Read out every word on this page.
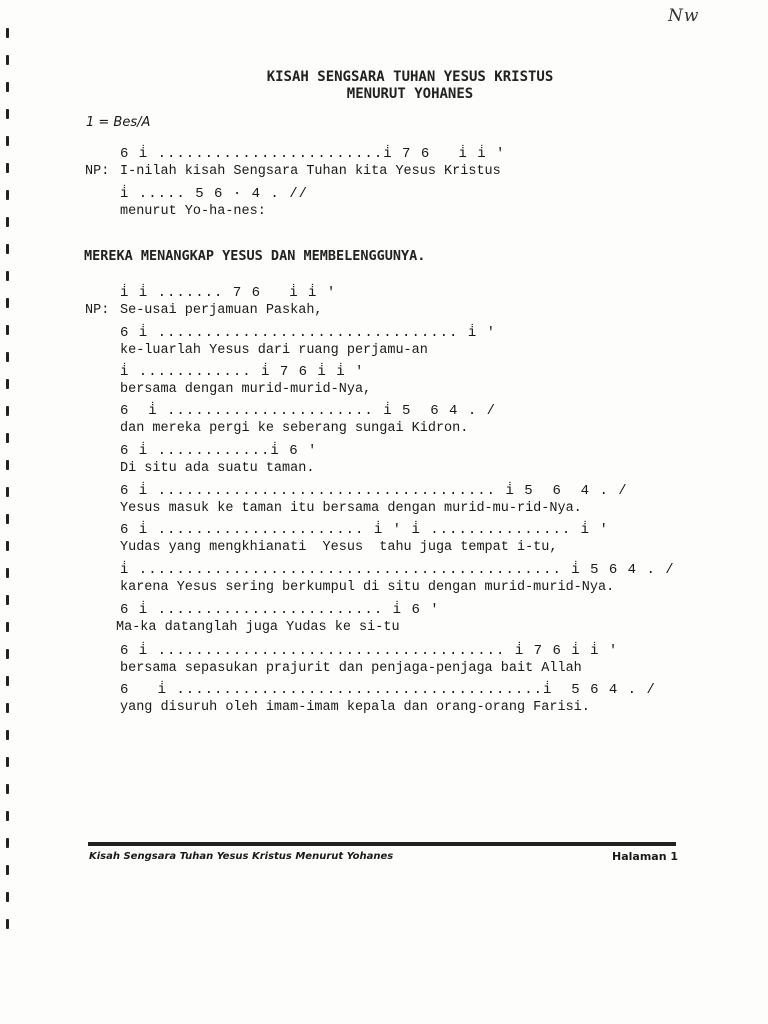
Nw
KISAH SENGSARA TUHAN YESUS KRISTUS
MENURUT YOHANES
1 = Bes/A
NP:
6 i̇ ........................i̇ 7 6   i̇ i̇ '
I-nilah kisah Sengsara Tuhan kita Yesus Kristus
i̇ ..... 5 6 · 4 . //
menurut Yo-ha-nes:
MEREKA MENANGKAP YESUS DAN MEMBELENGGUNYA.
NP:
i̇ i̇ ....... 7 6   i̇ i̇ '
Se-usai perjamuan Paskah,
6 i̇ ................................ i̇ '
ke-luarlah Yesus dari ruang perjamu-an
i̇ ............ i̇ 7 6 i̇ i̇ '
bersama dengan murid-murid-Nya,
6  i̇ ...................... i̇ 5  6 4 . /
dan mereka pergi ke seberang sungai Kidron.
6 i̇ ............i̇ 6 '
Di situ ada suatu taman.
6 i̇ .................................... i̇ 5  6  4 . /
Yesus masuk ke taman itu bersama dengan murid-mu-rid-Nya.
6 i̇ ...................... i̇ ' i̇ ............... i̇ '
Yudas yang mengkhianati  Yesus  tahu juga tempat i-tu,
i̇ ............................................. i̇ 5 6 4 . /
karena Yesus sering berkumpul di situ dengan murid-murid-Nya.
6 i̇ ........................ i̇ 6 '
Ma-ka datanglah juga Yudas ke si-tu
6 i̇ ..................................... i̇ 7 6 i̇ i̇ '
bersama sepasukan prajurit dan penjaga-penjaga bait Allah
6   i̇ .......................................i̇  5 6 4 . /
yang disuruh oleh imam-imam kepala dan orang-orang Farisi.
Kisah Sengsara Tuhan Yesus Kristus Menurut Yohanes	Halaman 1
